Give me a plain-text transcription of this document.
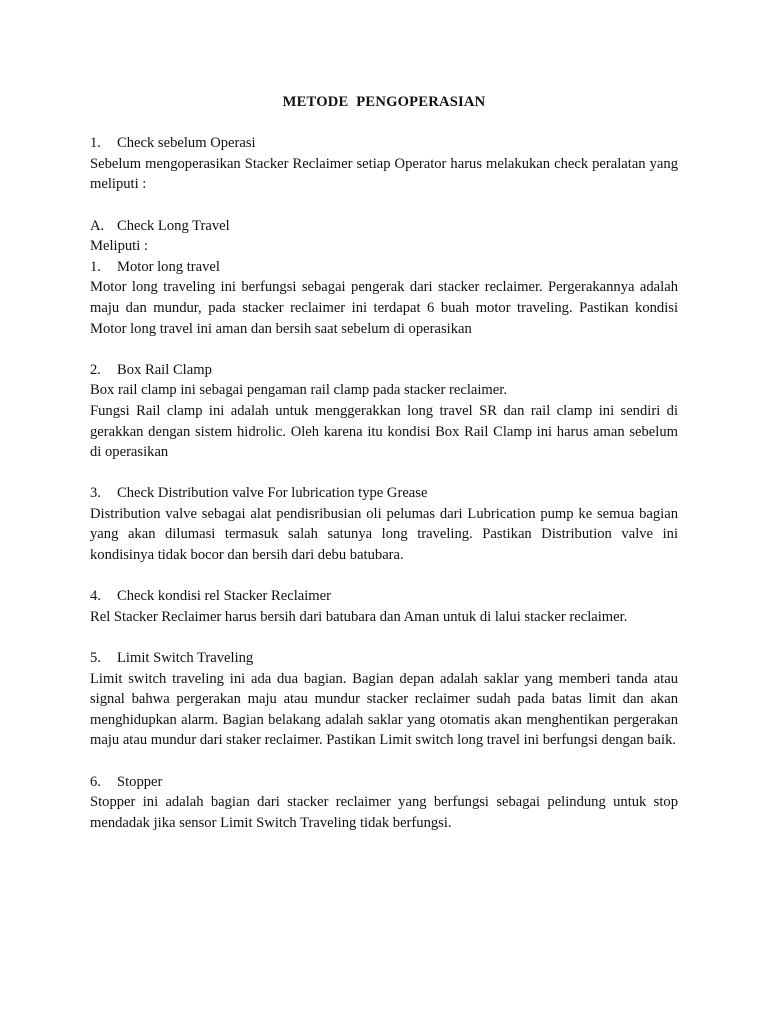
METODE PENGOPERASIAN
1. Check sebelum Operasi

Sebelum mengoperasikan Stacker Reclaimer setiap Operator harus melakukan check peralatan yang meliputi :

A. Check Long Travel
Meliputi :
1. Motor long travel

Motor long traveling ini berfungsi sebagai pengerak dari stacker reclaimer. Pergerakannya adalah maju dan mundur, pada stacker reclaimer ini terdapat 6 buah motor traveling. Pastikan kondisi Motor long travel ini aman dan bersih saat sebelum di operasikan

2. Box Rail Clamp

Box rail clamp ini sebagai pengaman rail clamp pada stacker reclaimer.

Fungsi Rail clamp ini adalah untuk menggerakkan long travel SR dan rail clamp ini sendiri di gerakkan dengan sistem hidrolic. Oleh karena itu kondisi Box Rail Clamp ini harus aman sebelum di operasikan

3. Check Distribution valve For lubrication type Grease

Distribution valve sebagai alat pendisribusian oli pelumas dari Lubrication pump ke semua bagian yang akan dilumasi termasuk salah satunya long traveling. Pastikan Distribution valve ini kondisinya tidak bocor dan bersih dari debu batubara.

4. Check kondisi rel Stacker Reclaimer

Rel Stacker Reclaimer harus bersih dari batubara dan Aman untuk di lalui stacker reclaimer.

5. Limit Switch Traveling

Limit switch traveling ini ada dua bagian. Bagian depan adalah saklar yang memberi tanda atau signal bahwa pergerakan maju atau mundur stacker reclaimer sudah pada batas limit dan akan menghidupkan alarm. Bagian belakang adalah saklar yang otomatis akan menghentikan pergerakan maju atau mundur dari staker reclaimer. Pastikan Limit switch long travel ini berfungsi dengan baik.

6. Stopper

Stopper ini adalah bagian dari stacker reclaimer yang berfungsi sebagai pelindung untuk stop mendadak jika sensor Limit Switch Traveling tidak berfungsi.
